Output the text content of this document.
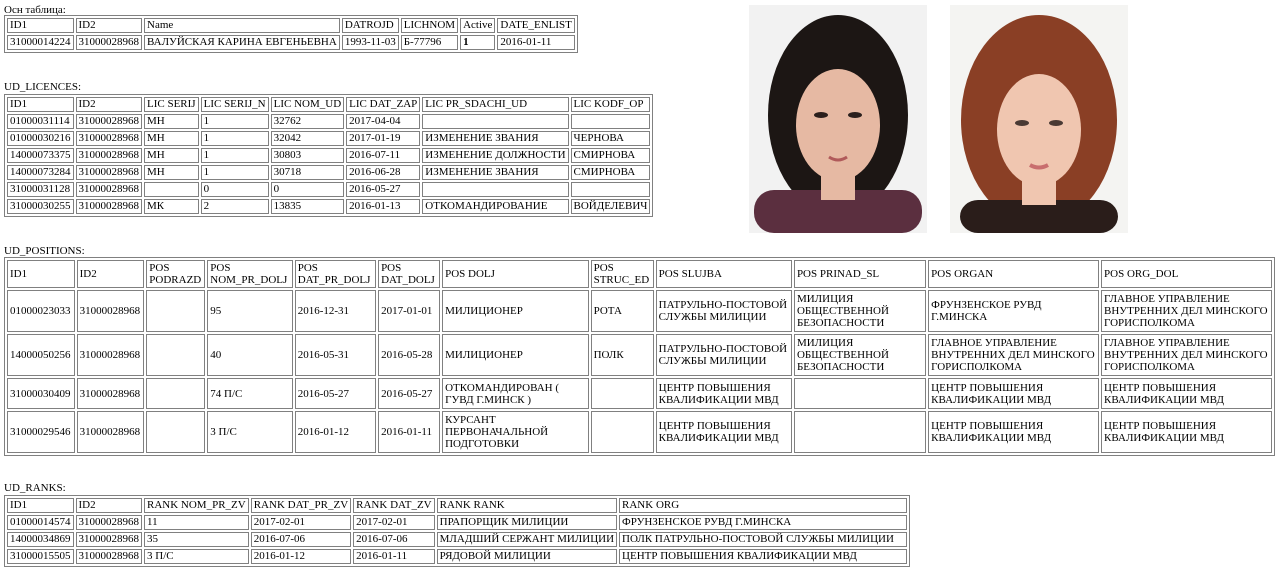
Осн таблица:
ID1	ID2	Name	DATROJD	LICHNOM	Active	DATE_ENLIST
31000014224	31000028968	ВАЛУЙСКАЯ КАРИНА ЕВГЕНЬЕВНА	1993-11-03	Б-77796	1	2016-01-11
UD_LICENCES:
ID1	ID2	LIC SERIJ	LIC SERIJ_N	LIC NOM_UD	LIC DAT_ZAP	LIC PR_SDACHI_UD	LIC KODF_OP
01000031114	31000028968	МН	1	32762	2017-04-04		
01000030216	31000028968	МН	1	32042	2017-01-19	ИЗМЕНЕНИЕ ЗВАНИЯ	ЧЕРНОВА
14000073375	31000028968	МН	1	30803	2016-07-11	ИЗМЕНЕНИЕ ДОЛЖНОСТИ	СМИРНОВА
14000073284	31000028968	МН	1	30718	2016-06-28	ИЗМЕНЕНИЕ ЗВАНИЯ	СМИРНОВА
31000031128	31000028968		0	0	2016-05-27		
31000030255	31000028968	МК	2	13835	2016-01-13	ОТКОМАНДИРОВАНИЕ	ВОЙДЕЛЕВИЧ
UD_POSITIONS:
ID1	ID2	POS PODRAZD	POS NOM_PR_DOLJ	POS DAT_PR_DOLJ	POS DAT_DOLJ	POS DOLJ	POS STRUC_ED	POS SLUJBA	POS PRINAD_SL	POS ORGAN	POS ORG_DOL
01000023033	31000028968		95	2016-12-31	2017-01-01	МИЛИЦИОНЕР	РОТА	ПАТРУЛЬНО-ПОСТОВОЙ СЛУЖБЫ МИЛИЦИИ	МИЛИЦИЯ ОБЩЕСТВЕННОЙ БЕЗОПАСНОСТИ	ФРУНЗЕНСКОЕ РУВД Г.МИНСКА	ГЛАВНОЕ УПРАВЛЕНИЕ ВНУТРЕННИХ ДЕЛ МИНСКОГО ГОРИСПОЛКОМА
14000050256	31000028968		40	2016-05-31	2016-05-28	МИЛИЦИОНЕР	ПОЛК	ПАТРУЛЬНО-ПОСТОВОЙ СЛУЖБЫ МИЛИЦИИ	МИЛИЦИЯ ОБЩЕСТВЕННОЙ БЕЗОПАСНОСТИ	ГЛАВНОЕ УПРАВЛЕНИЕ ВНУТРЕННИХ ДЕЛ МИНСКОГО ГОРИСПОЛКОМА	ГЛАВНОЕ УПРАВЛЕНИЕ ВНУТРЕННИХ ДЕЛ МИНСКОГО ГОРИСПОЛКОМА
31000030409	31000028968		74 П/С	2016-05-27	2016-05-27	ОТКОМАНДИРОВАН ( ГУВД Г.МИНСК )		ЦЕНТР ПОВЫШЕНИЯ КВАЛИФИКАЦИИ МВД		ЦЕНТР ПОВЫШЕНИЯ КВАЛИФИКАЦИИ МВД	ЦЕНТР ПОВЫШЕНИЯ КВАЛИФИКАЦИИ МВД
31000029546	31000028968		3 П/С	2016-01-12	2016-01-11	КУРСАНТ ПЕРВОНАЧАЛЬНОЙ ПОДГОТОВКИ		ЦЕНТР ПОВЫШЕНИЯ КВАЛИФИКАЦИИ МВД		ЦЕНТР ПОВЫШЕНИЯ КВАЛИФИКАЦИИ МВД	ЦЕНТР ПОВЫШЕНИЯ КВАЛИФИКАЦИИ МВД
UD_RANKS:
ID1	ID2	RANK NOM_PR_ZV	RANK DAT_PR_ZV	RANK DAT_ZV	RANK RANK	RANK ORG
01000014574	31000028968	11	2017-02-01	2017-02-01	ПРАПОРЩИК МИЛИЦИИ	ФРУНЗЕНСКОЕ РУВД Г.МИНСКА
14000034869	31000028968	35	2016-07-06	2016-07-06	МЛАДШИЙ СЕРЖАНТ МИЛИЦИИ	ПОЛК ПАТРУЛЬНО-ПОСТОВОЙ СЛУЖБЫ МИЛИЦИИ
31000015505	31000028968	3 П/С	2016-01-12	2016-01-11	РЯДОВОЙ МИЛИЦИИ	ЦЕНТР ПОВЫШЕНИЯ КВАЛИФИКАЦИИ МВД
